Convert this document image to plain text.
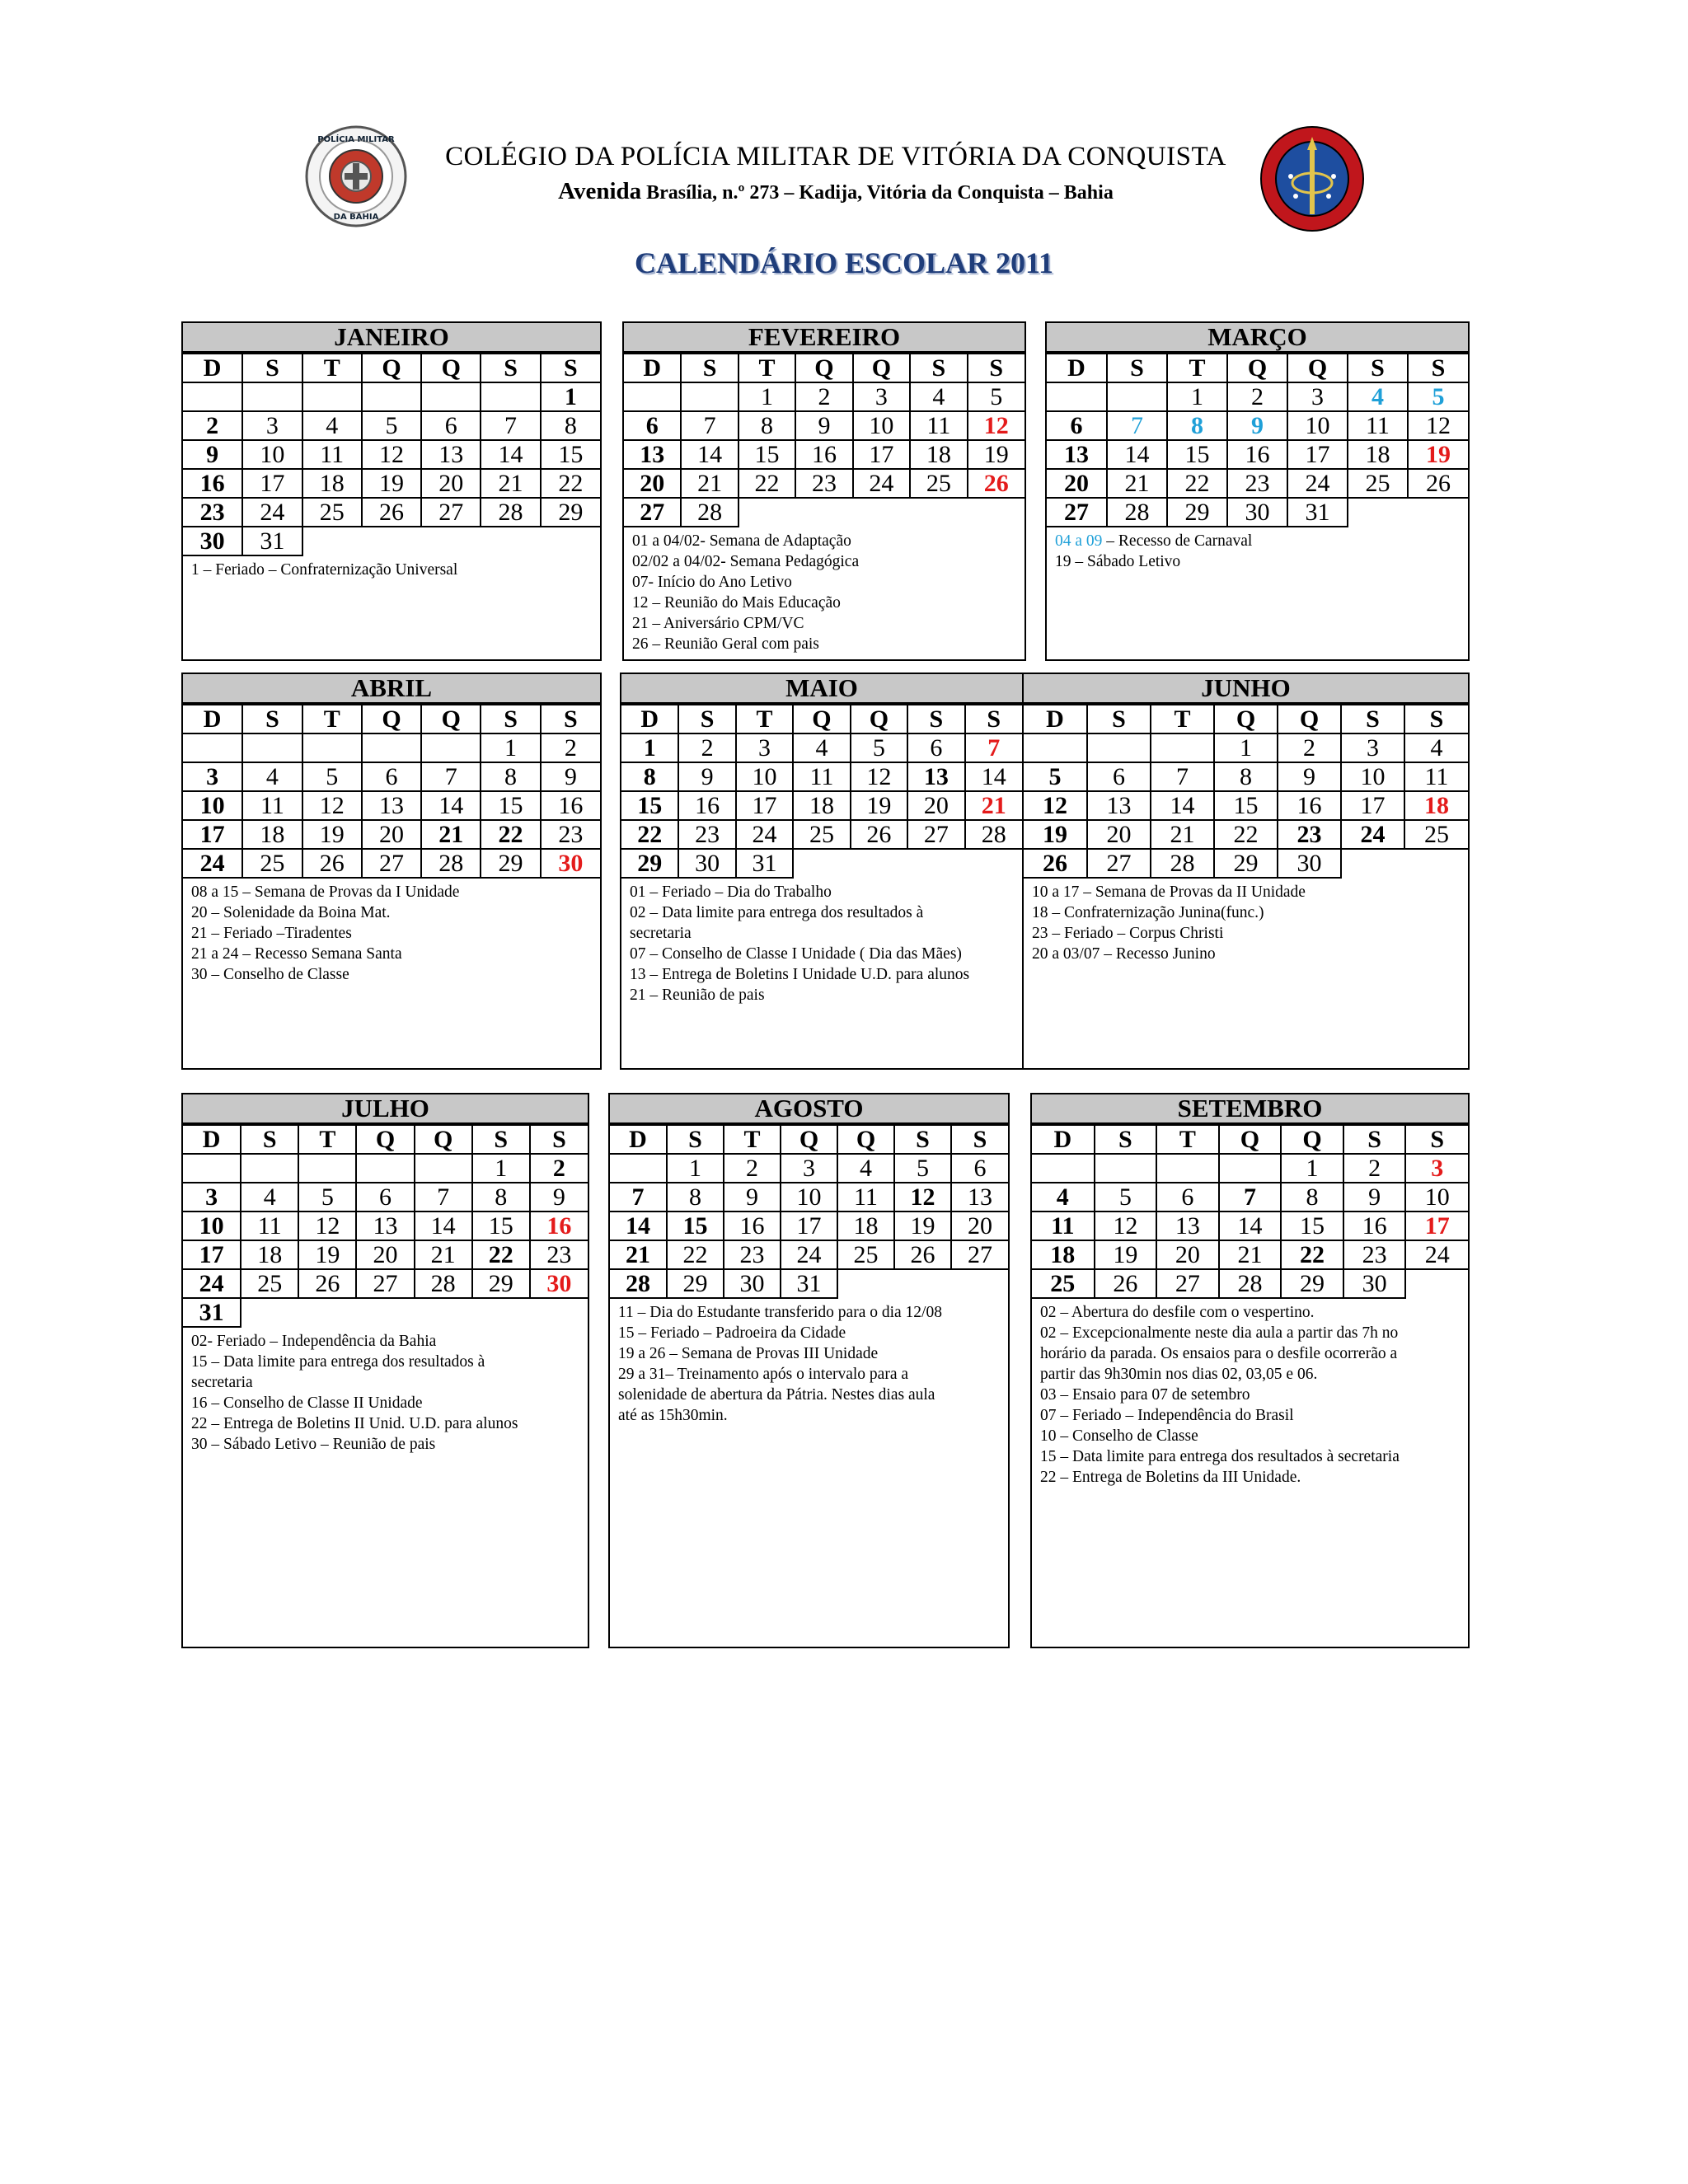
POLÍCIA MILITAR
DA BAHIA
COLÉGIO DA POLÍCIA MILITAR DE VITÓRIA DA CONQUISTA
Avenida Brasília, n.º 273 – Kadija, Vitória da Conquista – Bahia
CALENDÁRIO ESCOLAR 2011
JANEIRO
D	S	T	Q	Q	S	S
						1
2	3	4	5	6	7	8
9	10	11	12	13	14	15
16	17	18	19	20	21	22
23	24	25	26	27	28	29
30	31					
1 – Feriado – Confraternização Universal
FEVEREIRO
D	S	T	Q	Q	S	S
		1	2	3	4	5
6	7	8	9	10	11	12
13	14	15	16	17	18	19
20	21	22	23	24	25	26
27	28					
01 a 04/02- Semana de Adaptação
02/02 a 04/02- Semana Pedagógica
07- Início do Ano Letivo
12 – Reunião do Mais Educação
21 – Aniversário CPM/VC
26 – Reunião Geral com pais
MARÇO
D	S	T	Q	Q	S	S
		1	2	3	4	5
6	7	8	9	10	11	12
13	14	15	16	17	18	19
20	21	22	23	24	25	26
27	28	29	30	31		
04 a 09 – Recesso de Carnaval
19 – Sábado Letivo
ABRIL
D	S	T	Q	Q	S	S
					1	2
3	4	5	6	7	8	9
10	11	12	13	14	15	16
17	18	19	20	21	22	23
24	25	26	27	28	29	30
08 a 15 – Semana de Provas da I Unidade
20 – Solenidade da Boina Mat.
21 – Feriado –Tiradentes
21 a 24 – Recesso Semana Santa
30 – Conselho de Classe
MAIO
D	S	T	Q	Q	S	S
1	2	3	4	5	6	7
8	9	10	11	12	13	14
15	16	17	18	19	20	21
22	23	24	25	26	27	28
29	30	31				
01 – Feriado – Dia do Trabalho
02 – Data limite para entrega dos resultados à
secretaria
07 – Conselho de Classe I Unidade ( Dia das Mães)
13 – Entrega de Boletins I Unidade U.D. para alunos
21 – Reunião de pais
JUNHO
D	S	T	Q	Q	S	S
			1	2	3	4
5	6	7	8	9	10	11
12	13	14	15	16	17	18
19	20	21	22	23	24	25
26	27	28	29	30		
10 a 17 – Semana de Provas da II Unidade
18 – Confraternização Junina(func.)
23 – Feriado – Corpus Christi
20 a 03/07 – Recesso Junino
JULHO
D	S	T	Q	Q	S	S
					1	2
3	4	5	6	7	8	9
10	11	12	13	14	15	16
17	18	19	20	21	22	23
24	25	26	27	28	29	30
31						
02- Feriado – Independência da Bahia
15 – Data limite para entrega dos resultados à
secretaria
16 – Conselho de Classe II Unidade
22 – Entrega de Boletins II Unid. U.D. para alunos
30 – Sábado Letivo – Reunião de pais
AGOSTO
D	S	T	Q	Q	S	S
	1	2	3	4	5	6
7	8	9	10	11	12	13
14	15	16	17	18	19	20
21	22	23	24	25	26	27
28	29	30	31			
11 – Dia do Estudante transferido para o dia 12/08
15 – Feriado – Padroeira da Cidade
19 a 26 – Semana de Provas III Unidade
29 a 31– Treinamento após o intervalo para a
solenidade de abertura da Pátria. Nestes dias aula
até as 15h30min.
SETEMBRO
D	S	T	Q	Q	S	S
				1	2	3
4	5	6	7	8	9	10
11	12	13	14	15	16	17
18	19	20	21	22	23	24
25	26	27	28	29	30	
02 – Abertura do desfile com o vespertino.
02 – Excepcionalmente neste dia aula a partir das 7h no
horário da parada. Os ensaios para o desfile ocorrerão a
partir das 9h30min nos dias 02, 03,05 e 06.
03 – Ensaio para 07 de setembro
07 – Feriado – Independência do Brasil
10 – Conselho de Classe
15 – Data limite para entrega dos resultados à secretaria
22 – Entrega de Boletins da III Unidade.
